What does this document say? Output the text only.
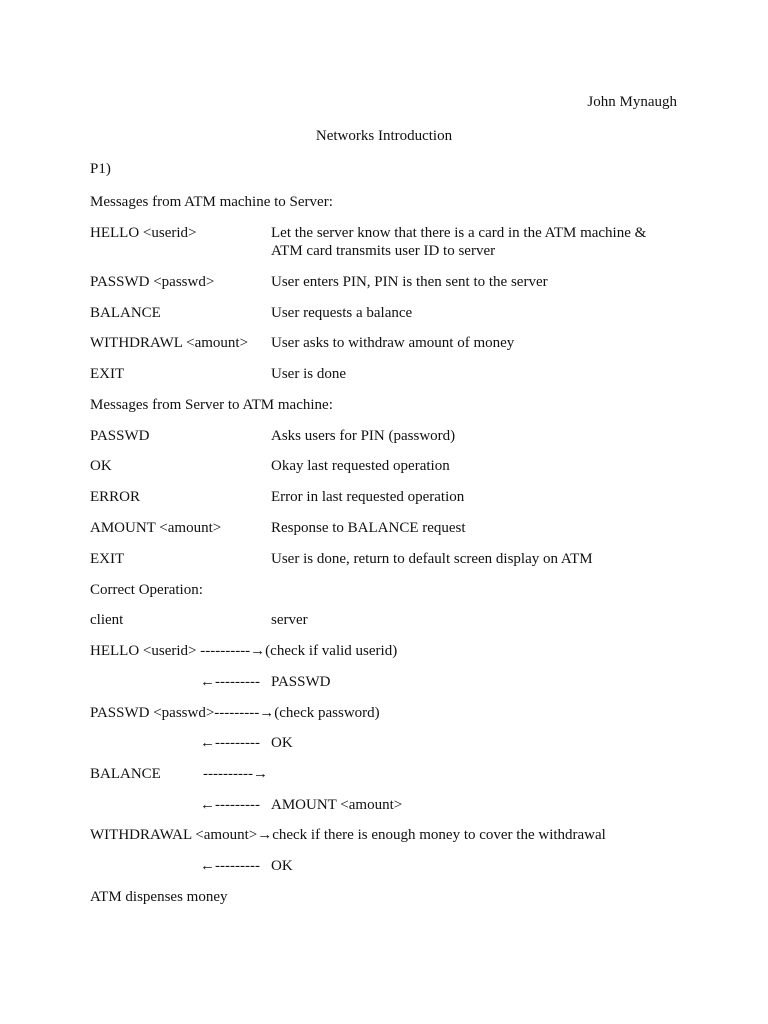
John Mynaugh
Networks Introduction
P1)
Messages from ATM machine to Server:
HELLO <userid>	Let the server know that there is a card in the ATM machine &
ATM card transmits user ID to server
PASSWD <passwd>	User enters PIN, PIN is then sent to the server
BALANCE	User requests a balance
WITHDRAWL <amount> User asks to withdraw amount of money
EXIT	User is done
Messages from Server to ATM machine:
PASSWD	Asks users for PIN (password)
OK	Okay last requested operation
ERROR	Error in last requested operation
AMOUNT <amount>	Response to BALANCE request
EXIT	User is done, return to default screen display on ATM
Correct Operation:
client	server
HELLO <userid> ----------→(check if valid userid)
←--------- PASSWD
PASSWD <passwd>---------→(check password)
←--------- OK
BALANCE	----------→
←--------- AMOUNT <amount>
WITHDRAWAL <amount>→check if there is enough money to cover the withdrawal
←--------- OK
ATM dispenses money
